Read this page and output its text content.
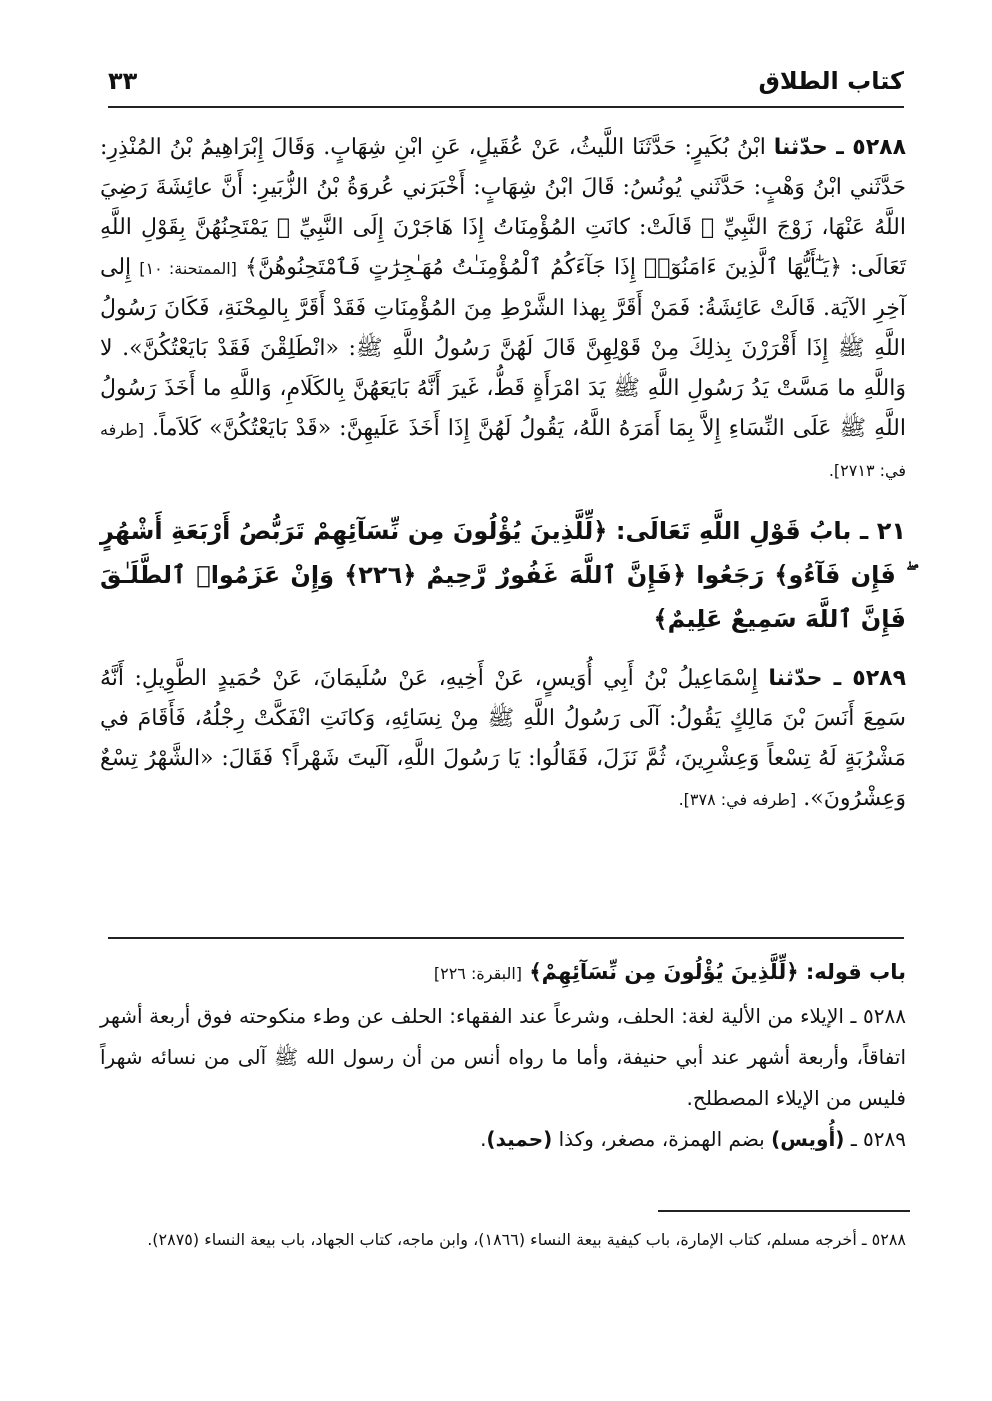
كتاب الطلاق
٣٣

٥٢٨٨ ـ حدّثنا ابْنُ بُكَيرٍ: حَدَّثَنَا اللَّيثُ، عَنْ عُقَيلٍ، عَنِ ابْنِ شِهَابٍ. وَقَالَ إِبْرَاهِيمُ بْنُ المُنْذِرِ: حَدَّثَني ابْنُ وَهْبٍ: حَدَّثَني يُونُسُ: قَالَ ابْنُ شِهَابٍ: أَخْبَرَني عُروَةُ بْنُ الزُّبَيرِ: أَنَّ عائِشَةَ رَضِيَ اللَّهُ عَنْهَا، زَوْجَ النَّبِيِّ ﷺ قَالَتْ: كانَتِ المُؤْمِنَاتُ إِذَا هَاجَرْنَ إِلَى النَّبِيِّ ﷺ يَمْتَحِنُهُنَّ بِقَوْلِ اللَّهِ تَعَالَى: ﴿يَـٰٓأَيُّهَا ٱلَّذِينَ ءَامَنُوٓا۟ إِذَا جَآءَكُمُ ٱلْمُؤْمِنَـٰتُ مُهَـٰجِرَٰتٍ فَٱمْتَحِنُوهُنَّ﴾ [الممتحنة: ١٠] إِلى آخِرِ الآيَة. قَالَتْ عَائِشَةُ: فَمَنْ أَقَرَّ بِهذا الشَّرْطِ مِنَ المُؤْمِنَاتِ فَقَدْ أَقَرَّ بِالمِحْنَةِ، فَكَانَ رَسُولُ اللَّهِ ﷺ إِذَا أَقْرَرْنَ بِذلِكَ مِنْ قَوْلِهِنَّ قَالَ لَهُنَّ رَسُولُ اللَّهِ ﷺ: «انْطَلِقْنَ فَقَدْ بَايَعْتُكُنَّ». لا وَاللَّهِ ما مَسَّتْ يَدُ رَسُولِ اللَّهِ ﷺ يَدَ امْرَأَةٍ قَطُّ، غَيرَ أَنَّهُ بَايَعَهُنَّ بِالكَلَامِ، وَاللَّهِ ما أَخَذَ رَسُولُ اللَّهِ ﷺ عَلَى النِّسَاءِ إِلاَّ بِمَا أَمَرَهُ اللَّهُ، يَقُولُ لَهُنَّ إِذَا أَخَذَ عَلَيهِنَّ: «قَدْ بَايَعْتُكُنَّ» كَلاَماً. [طرفه في: ٢٧١٣].

٢١ ـ بابُ قَوْلِ اللَّهِ تَعَالَى: ﴿لِّلَّذِينَ يُؤْلُونَ مِن نِّسَآئِهِمْ تَرَبُّصُ أَرْبَعَةِ أَشْهُرٍ ۖ فَإِن فَآءُو﴾ رَجَعُوا ﴿فَإِنَّ ٱللَّهَ غَفُورٌ رَّحِيمٌ ﴿٢٢٦﴾ وَإِنْ عَزَمُوا۟ ٱلطَّلَـٰقَ فَإِنَّ ٱللَّهَ سَمِيعٌ عَلِيمٌ﴾

٥٢٨٩ ـ حدّثنا إِسْمَاعِيلُ بْنُ أَبِي أُوَيسٍ، عَنْ أَخِيهِ، عَنْ سُلَيمَانَ، عَنْ حُمَيدٍ الطَّوِيلِ: أَنَّهُ سَمِعَ أَنَسَ بْنَ مَالِكٍ يَقُولُ: آلَى رَسُولُ اللَّهِ ﷺ مِنْ نِسَائِهِ، وَكانَتِ انْفَكَّتْ رِجْلُهُ، فَأَقَامَ في مَشْرُبَةٍ لَهُ تِسْعاً وَعِشْرِينَ، ثُمَّ نَزَلَ، فَقَالُوا: يَا رَسُولَ اللَّهِ، آلَيتَ شَهْراً؟ فَقَالَ: «الشَّهْرُ تِسْعٌ وَعِشْرُونَ». [طرفه في: ٣٧٨].

باب قوله: ﴿لِّلَّذِينَ يُؤْلُونَ مِن نِّسَآئِهِمْ﴾ [البقرة: ٢٢٦]

٥٢٨٨ ـ الإيلاء من الألية لغة: الحلف، وشرعاً عند الفقهاء: الحلف عن وطء منكوحته فوق أربعة أشهر اتفاقاً، وأربعة أشهر عند أبي حنيفة، وأما ما رواه أنس من أن رسول الله ﷺ آلى من نسائه شهراً فليس من الإيلاء المصطلح.

٥٢٨٩ ـ (أُويس) بضم الهمزة، مصغر، وكذا (حميد).

٥٢٨٨ ـ أخرجه مسلم، كتاب الإمارة، باب كيفية بيعة النساء (١٨٦٦)، وابن ماجه، كتاب الجهاد، باب بيعة النساء (٢٨٧٥).
